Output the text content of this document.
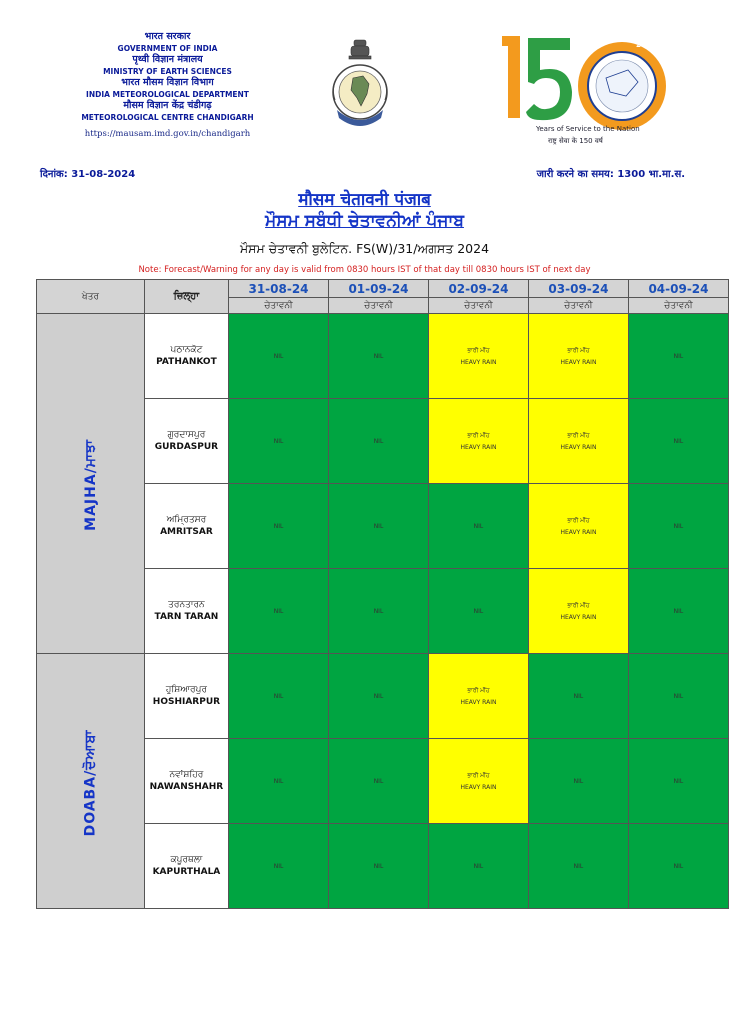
भारत सरकार
GOVERNMENT OF INDIA
पृथ्वी विज्ञान मंत्रालय
MINISTRY OF EARTH SCIENCES
भारत मौसम विज्ञान विभाग
INDIA METEOROLOGICAL DEPARTMENT
मौसम विज्ञान केंद्र चंडीगढ़
METEOROLOGICAL CENTRE CHANDIGARH
https://mausam.imd.gov.in/chandigarh
1875
2025
Years of Service to the Nation
राष्ट्र सेवा के 150 वर्ष
दिनांक: 31-08-2024	जारी करने का समय: 1300 भा.मा.स.
मौसम चेतावनी पंजाब
ਮੌਸਮ ਸਬੰਧੀ ਚੇਤਾਵਨੀਆਂ ਪੰਜਾਬ
ਮੌਸਮ ਚੇਤਾਵਨੀ ਬੁਲੇਟਿਨ. FS(W)/31/ਅਗਸਤ 2024
Note: Forecast/Warning for any day is valid from 0830 hours IST of that day till 0830 hours IST of next day
ਖੇਤਰ	ਜ਼ਿਲ੍ਹਾ	31-08-24	01-09-24	02-09-24	03-09-24	04-09-24
		ਚੇਤਾਵਨੀ	ਚੇਤਾਵਨੀ	ਚੇਤਾਵਨੀ	ਚੇਤਾਵਨੀ	ਚੇਤਾਵਨੀ
MAJHA/ਮਾਝਾ	ਪਠਾਨਕੋਟ
PATHANKOT	NIL	NIL	ਭਾਰੀ ਮੀਂਹ
HEAVY RAIN	ਭਾਰੀ ਮੀਂਹ
HEAVY RAIN	NIL

	ਗੁਰਦਾਸਪੁਰ
GURDASPUR	NIL	NIL	ਭਾਰੀ ਮੀਂਹ
HEAVY RAIN	ਭਾਰੀ ਮੀਂਹ
HEAVY RAIN	NIL

	ਅਮ੍ਰਿਤਸਰ
AMRITSAR	NIL	NIL	NIL	ਭਾਰੀ ਮੀਂਹ
HEAVY RAIN	NIL

	ਤਰਨਤਾਰਨ
TARN TARAN	NIL	NIL	NIL	ਭਾਰੀ ਮੀਂਹ
HEAVY RAIN	NIL
DOABA/ਦੋਆਬਾ	ਹੁਸ਼ਿਆਰਪੁਰ
HOSHIARPUR	NIL	NIL	ਭਾਰੀ ਮੀਂਹ
HEAVY RAIN	NIL	NIL

	ਨਵਾਂਸ਼ਹਿਰ
NAWANSHAHR	NIL	NIL	ਭਾਰੀ ਮੀਂਹ
HEAVY RAIN	NIL	NIL

	ਕਪੂਰਥਲਾ
KAPURTHALA	NIL	NIL	NIL	NIL	NIL
